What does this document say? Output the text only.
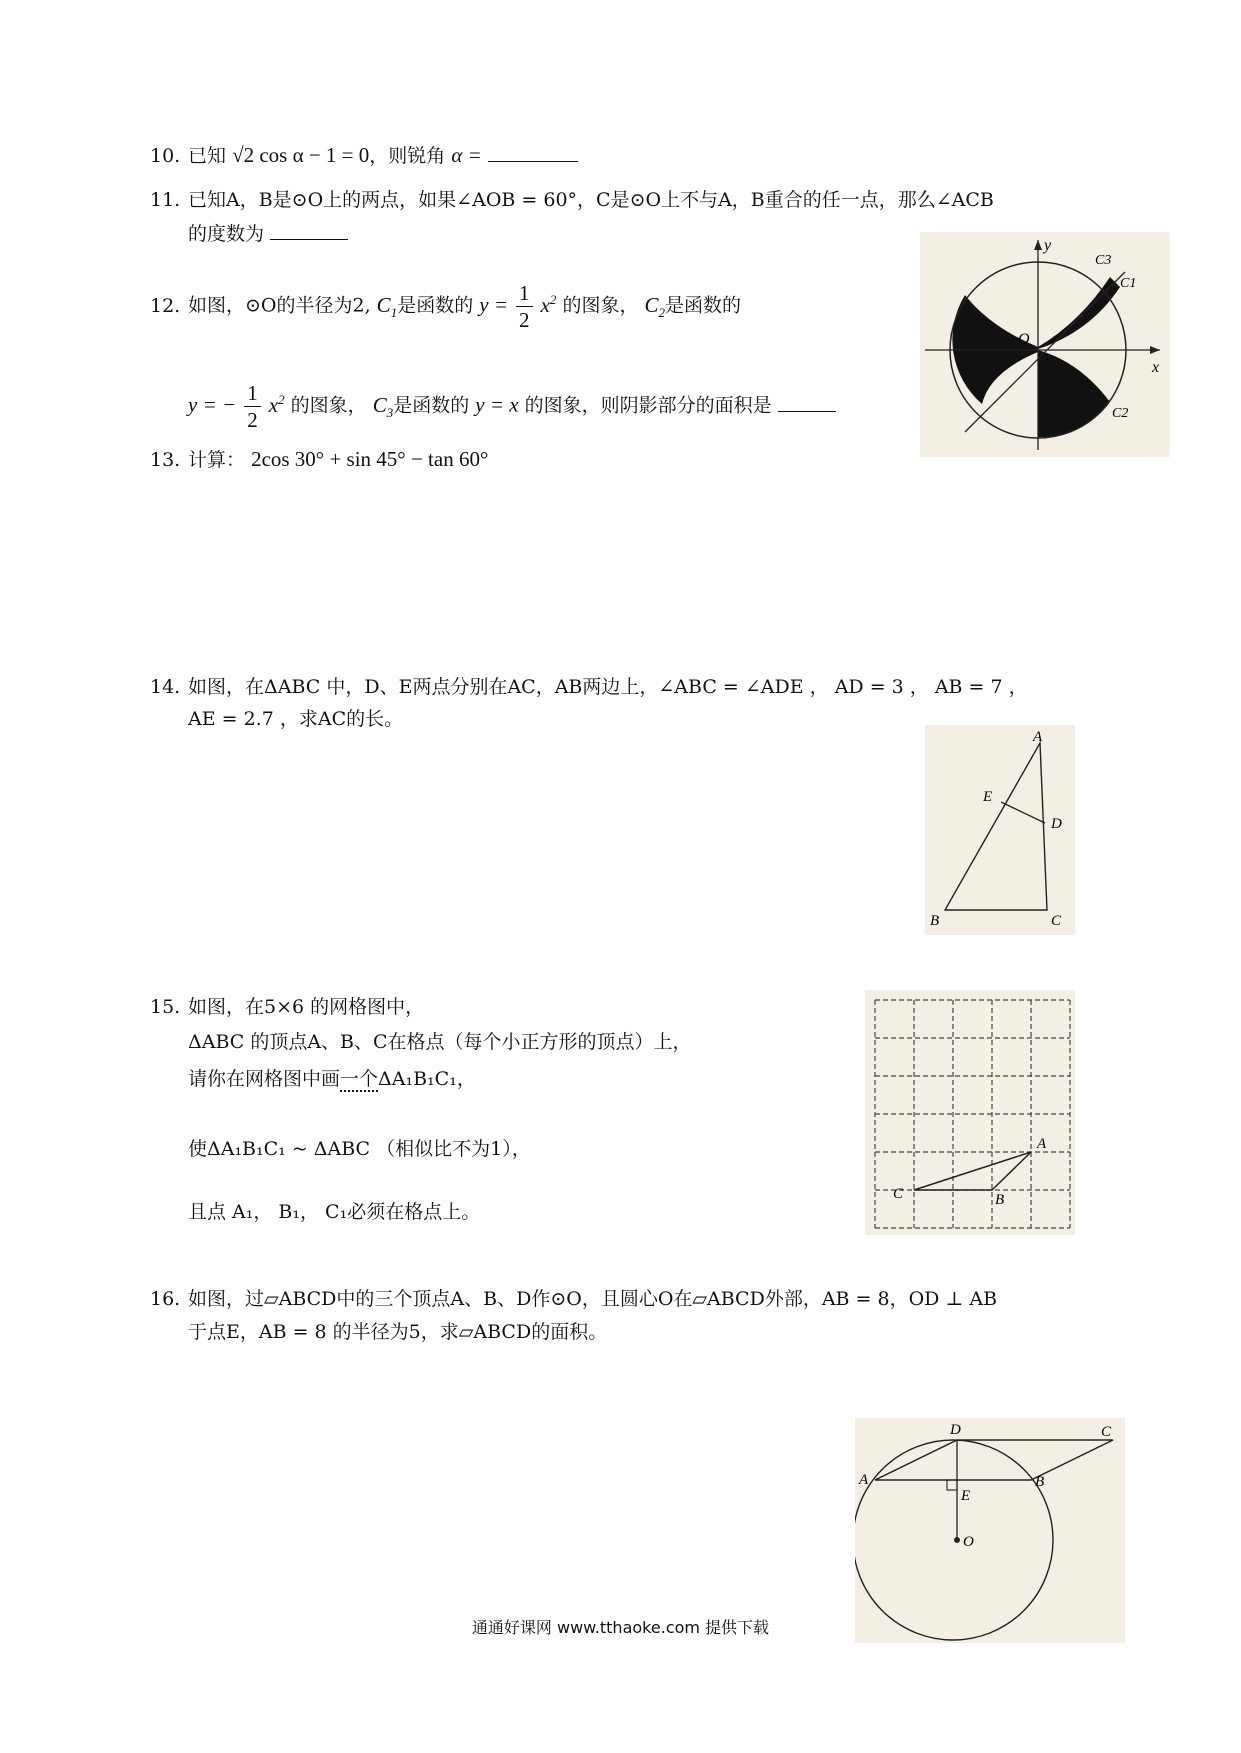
10. 已知 √2 cos α − 1 = 0，则锐角 α =
11. 已知A，B是⊙O上的两点，如果∠AOB = 60°，C是⊙O上不与A，B重合的任一点，那么∠ACB
的度数为
12. 如图，⊙O的半径为2, $C_1$是函数的 $y = \frac{1}{2} x^2$ 的图象， $C_2$是函数的
y = − $\frac{1}{2} x^2$ 的图象， $C_3$是函数的 y = x 的图象，则阴影部分的面积是
y
x
O
C3
C1
C2
13. 计算： 2cos 30° + sin 45° − tan 60°
14. 如图，在ΔABC 中，D、E两点分别在AC，AB两边上，∠ABC = ∠ADE ， AD = 3 ， AB = 7 ，
AE = 2.7 ，求AC的长。
A
E
D
B	C
15. 如图，在5×6 的网格图中，
ΔABC 的顶点A、B、C在格点（每个小正方形的顶点）上，
请你在网格图中画一个ΔA₁B₁C₁，
使ΔA₁B₁C₁ ~ ΔABC （相似比不为1），
且点 A₁， B₁， C₁必须在格点上。
A
C	B
16. 如图，过▱ABCD中的三个顶点A、B、D作⊙O，且圆心O在▱ABCD外部，AB = 8，OD ⊥ AB
于点E，AB = 8 的半径为5，求▱ABCD的面积。
D	C
A	B
E
O
通通好课网 www.tthaoke.com 提供下载
